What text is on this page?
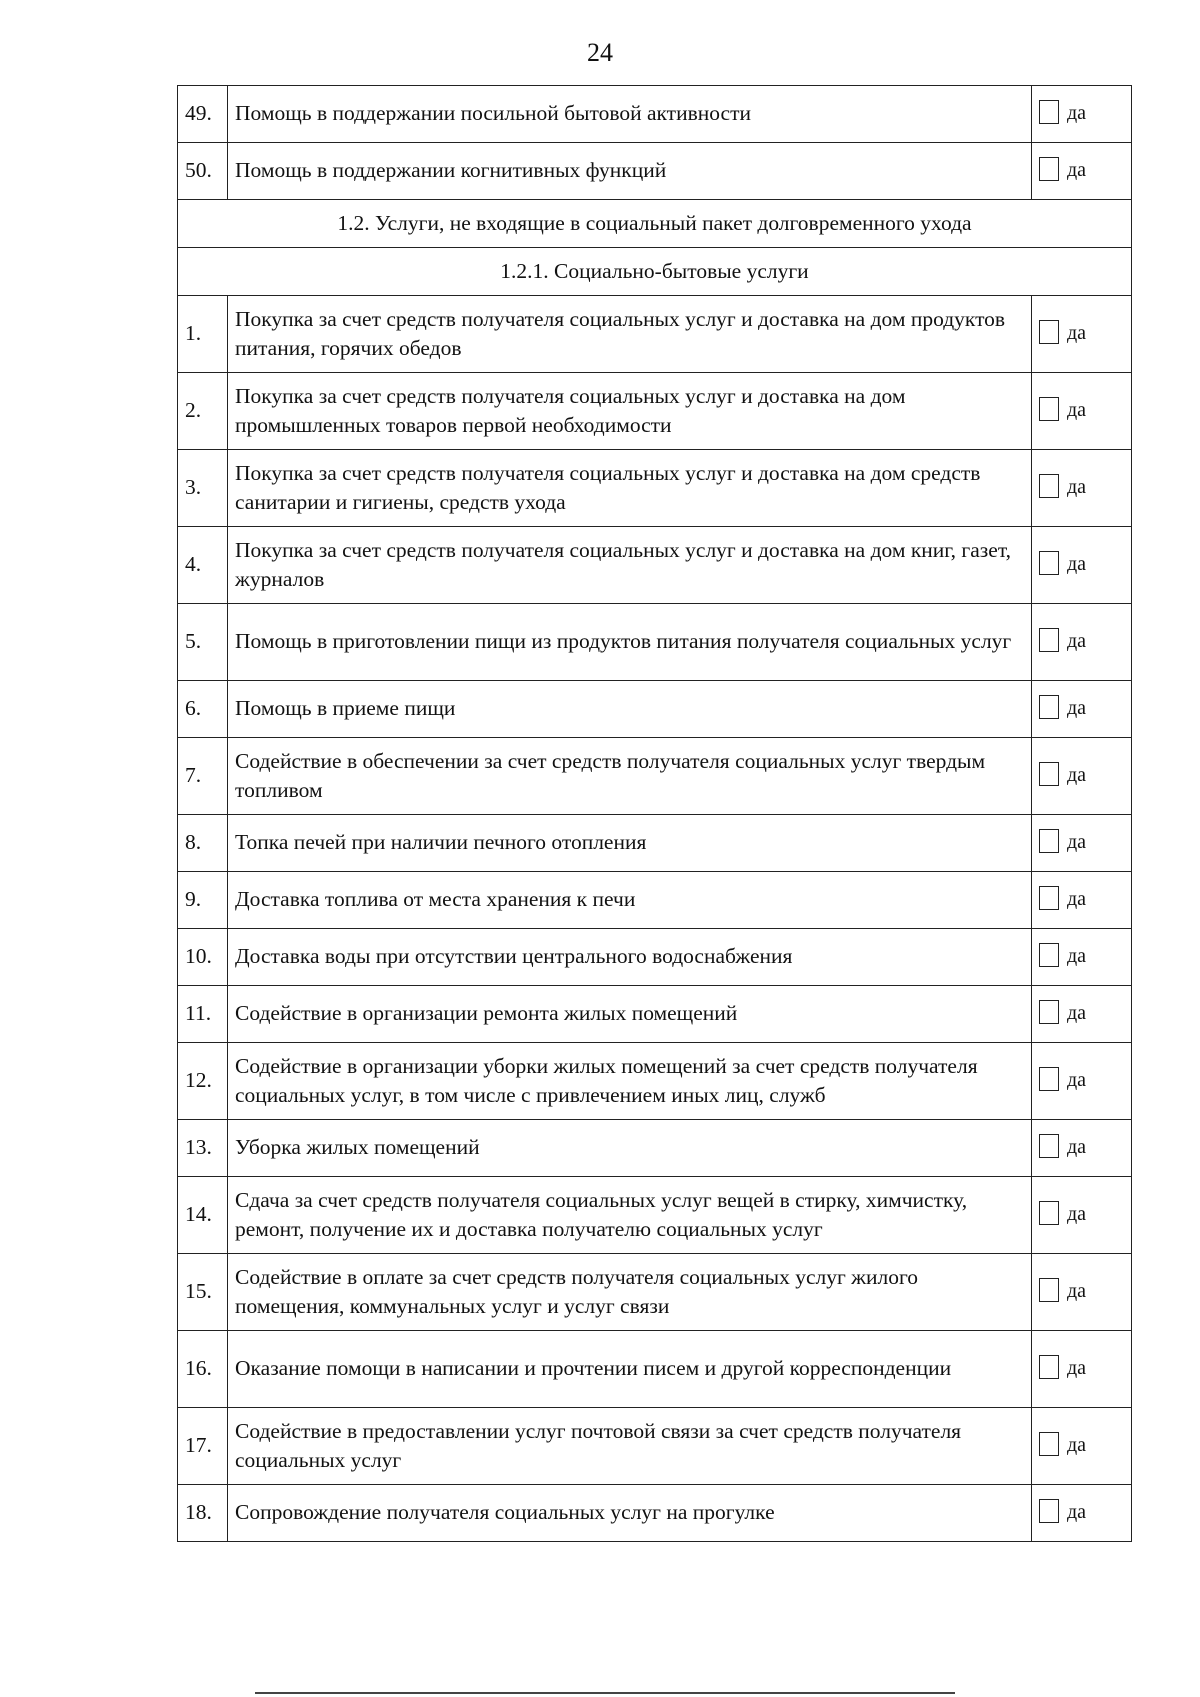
24
49.	Помощь в поддержании посильной бытовой активности	да
50.	Помощь в поддержании когнитивных функций	да
1.2. Услуги, не входящие в социальный пакет долговременного ухода		
1.2.1. Социально-бытовые услуги		
1.	Покупка за счет средств получателя социальных услуг и доставка на дом продуктов питания, горячих обедов	да
2.	Покупка за счет средств получателя социальных услуг и доставка на дом промышленных товаров первой необходимости	да
3.	Покупка за счет средств получателя социальных услуг и доставка на дом средств санитарии и гигиены, средств ухода	да
4.	Покупка за счет средств получателя социальных услуг и доставка на дом книг, газет, журналов	да
5.	Помощь в приготовлении пищи из продуктов питания получателя социальных услуг	да
6.	Помощь в приеме пищи	да
7.	Содействие в обеспечении за счет средств получателя социальных услуг твердым топливом	да
8.	Топка печей при наличии печного отопления	да
9.	Доставка топлива от места хранения к печи	да
10.	Доставка воды при отсутствии центрального водоснабжения	да
11.	Содействие в организации ремонта жилых помещений	да
12.	Содействие в организации уборки жилых помещений за счет средств получателя социальных услуг, в том числе с привлечением иных лиц, служб	да
13.	Уборка жилых помещений	да
14.	Сдача за счет средств получателя социальных услуг вещей в стирку, химчистку, ремонт, получение их и доставка получателю социальных услуг	да
15.	Содействие в оплате за счет средств получателя социальных услуг жилого помещения, коммунальных услуг и услуг связи	да
16.	Оказание помощи в написании и прочтении писем и другой корреспонденции	да
17.	Содействие в предоставлении услуг почтовой связи за счет средств получателя социальных услуг	да
18.	Сопровождение получателя социальных услуг на прогулке	да
